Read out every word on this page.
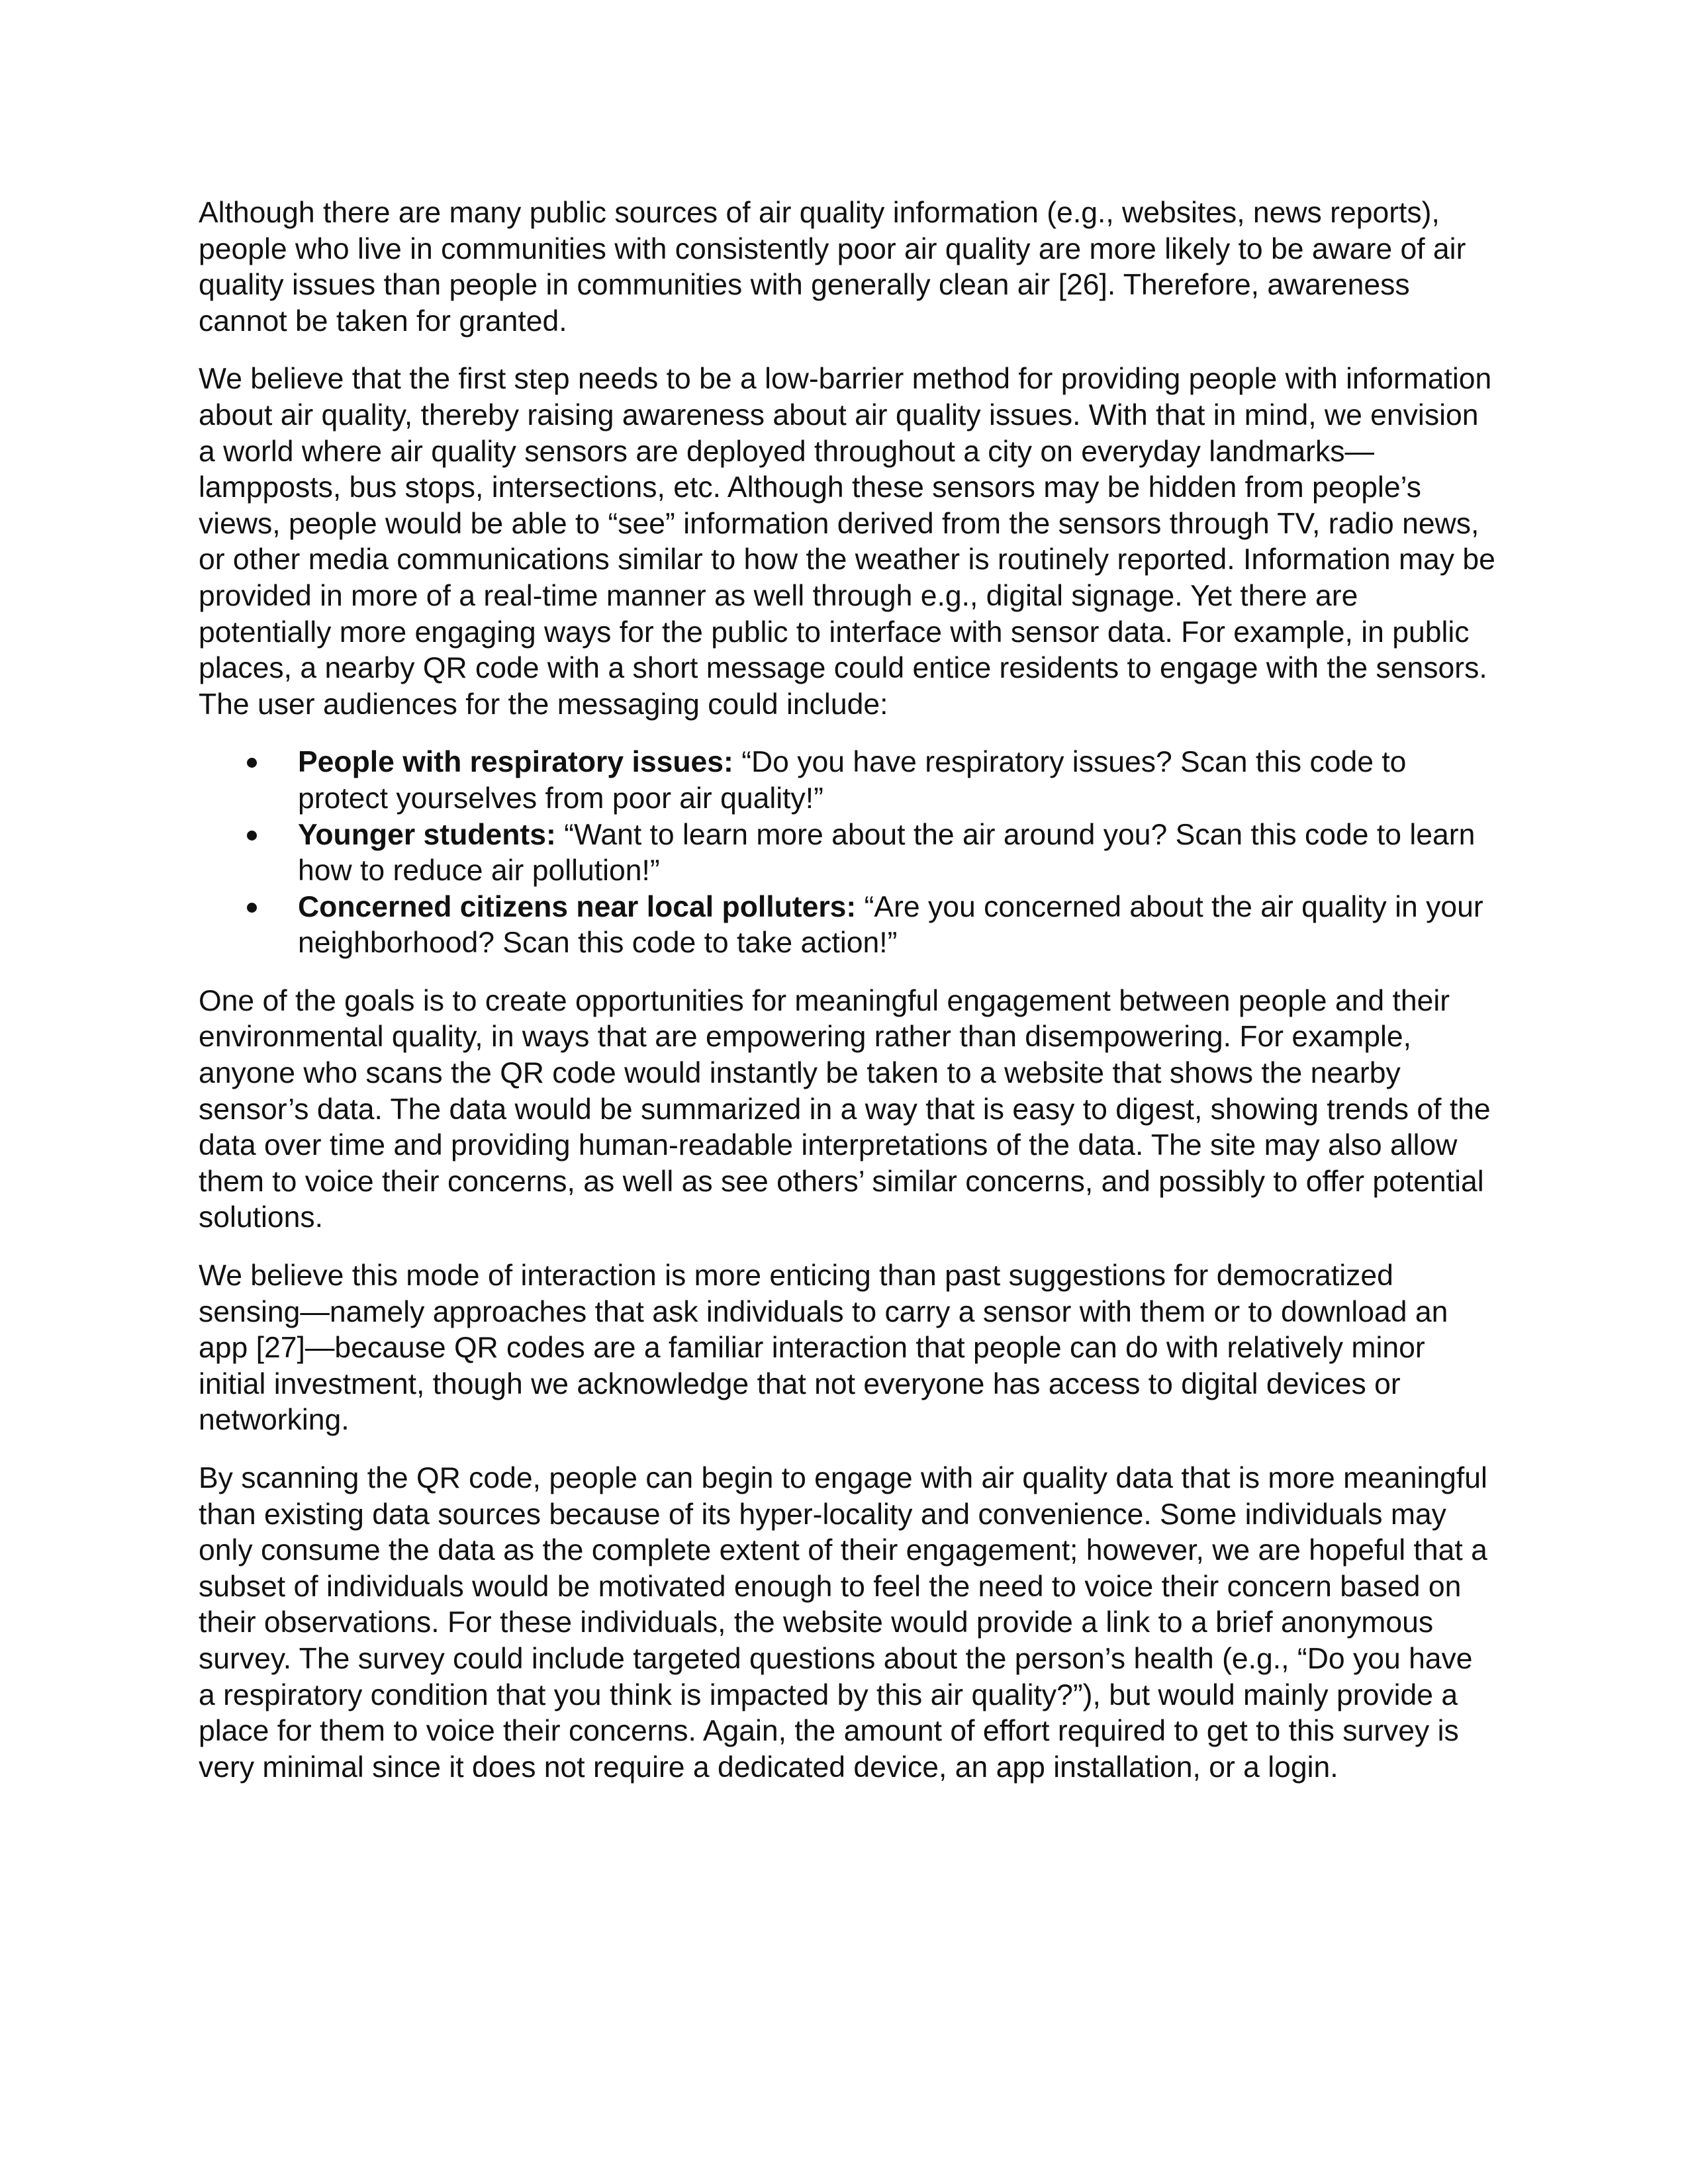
Although there are many public sources of air quality information (e.g., websites, news reports), people who live in communities with consistently poor air quality are more likely to be aware of air quality issues than people in communities with generally clean air [26]. Therefore, awareness cannot be taken for granted.

We believe that the first step needs to be a low-barrier method for providing people with information about air quality, thereby raising awareness about air quality issues. With that in mind, we envision a world where air quality sensors are deployed throughout a city on everyday landmarks—lampposts, bus stops, intersections, etc. Although these sensors may be hidden from people’s views, people would be able to “see” information derived from the sensors through TV, radio news, or other media communications similar to how the weather is routinely reported. Information may be provided in more of a real-time manner as well through e.g., digital signage. Yet there are potentially more engaging ways for the public to interface with sensor data. For example, in public places, a nearby QR code with a short message could entice residents to engage with the sensors. The user audiences for the messaging could include:

People with respiratory issues: “Do you have respiratory issues? Scan this code to protect yourselves from poor air quality!”
Younger students: “Want to learn more about the air around you? Scan this code to learn how to reduce air pollution!”
Concerned citizens near local polluters: “Are you concerned about the air quality in your neighborhood? Scan this code to take action!”

One of the goals is to create opportunities for meaningful engagement between people and their environmental quality, in ways that are empowering rather than disempowering. For example, anyone who scans the QR code would instantly be taken to a website that shows the nearby sensor’s data. The data would be summarized in a way that is easy to digest, showing trends of the data over time and providing human-readable interpretations of the data. The site may also allow them to voice their concerns, as well as see others’ similar concerns, and possibly to offer potential solutions.

We believe this mode of interaction is more enticing than past suggestions for democratized sensing—namely approaches that ask individuals to carry a sensor with them or to download an app [27]—because QR codes are a familiar interaction that people can do with relatively minor initial investment, though we acknowledge that not everyone has access to digital devices or networking.

By scanning the QR code, people can begin to engage with air quality data that is more meaningful than existing data sources because of its hyper-locality and convenience. Some individuals may only consume the data as the complete extent of their engagement; however, we are hopeful that a subset of individuals would be motivated enough to feel the need to voice their concern based on their observations. For these individuals, the website would provide a link to a brief anonymous survey. The survey could include targeted questions about the person’s health (e.g., “Do you have a respiratory condition that you think is impacted by this air quality?”), but would mainly provide a place for them to voice their concerns. Again, the amount of effort required to get to this survey is very minimal since it does not require a dedicated device, an app installation, or a login.
